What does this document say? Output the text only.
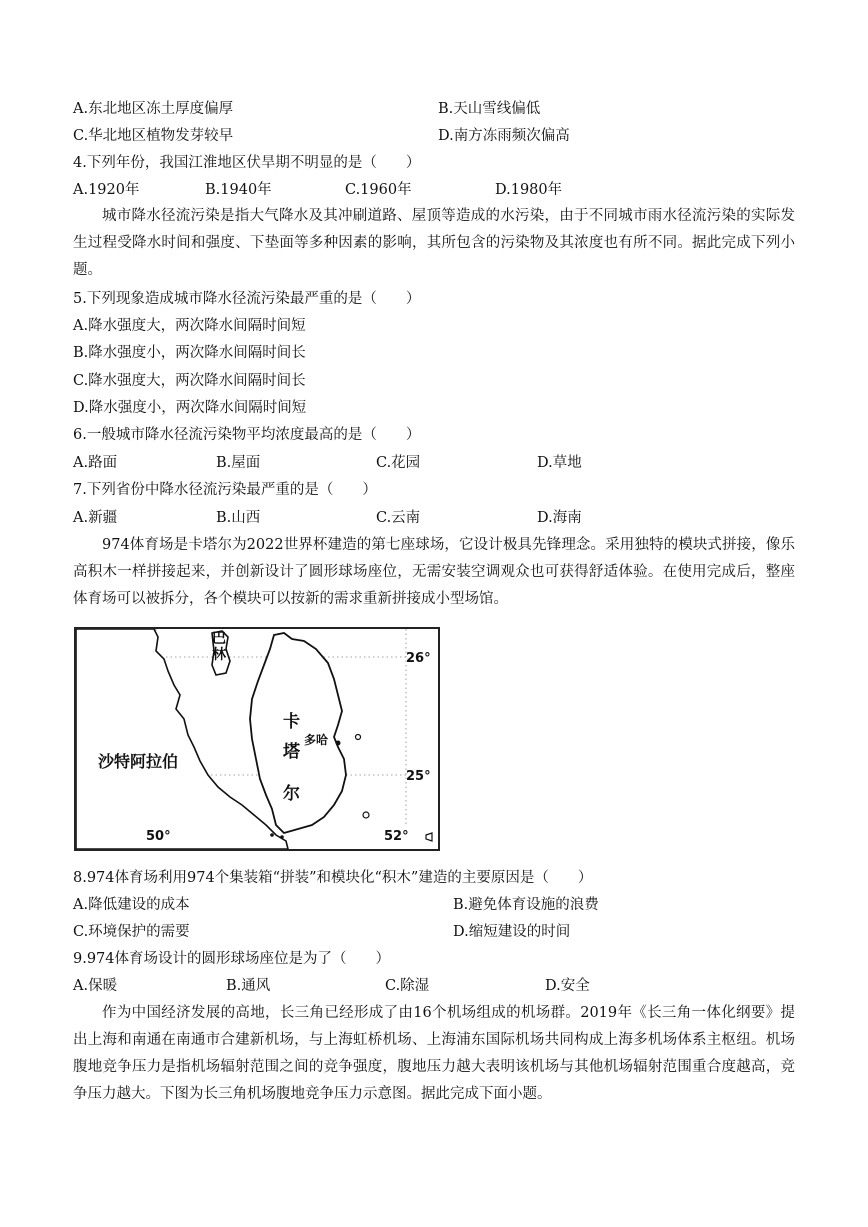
A.东北地区冻土厚度偏厚	B.天山雪线偏低
C.华北地区植物发芽较早	D.南方冻雨频次偏高
4.下列年份，我国江淮地区伏旱期不明显的是（　　）
A.1920年	B.1940年	C.1960年	D.1980年
城市降水径流污染是指大气降水及其冲刷道路、屋顶等造成的水污染，由于不同城市雨水径流污染的实际发生过程受降水时间和强度、下垫面等多种因素的影响，其所包含的污染物及其浓度也有所不同。据此完成下列小题。
5.下列现象造成城市降水径流污染最严重的是（　　）
A.降水强度大，两次降水间隔时间短
B.降水强度小，两次降水间隔时间长
C.降水强度大，两次降水间隔时间长
D.降水强度小，两次降水间隔时间短
6.一般城市降水径流污染物平均浓度最高的是（　　）
A.路面	B.屋面	C.花园	D.草地
7.下列省份中降水径流污染最严重的是（　　）
A.新疆	B.山西	C.云南	D.海南
974体育场是卡塔尔为2022世界杯建造的第七座球场，它设计极具先锋理念。采用独特的模块式拼接，像乐高积木一样拼接起来，并创新设计了圆形球场座位，无需安装空调观众也可获得舒适体验。在使用完成后，整座体育场可以被拆分，各个模块可以按新的需求重新拼接成小型场馆。
巴林
卡
塔
尔
多哈
沙特阿拉伯
26°
25°
50°	52°
8.974体育场利用974个集装箱“拼装”和模块化“积木”建造的主要原因是（　　）
A.降低建设的成本	B.避免体育设施的浪费
C.环境保护的需要	D.缩短建设的时间
9.974体育场设计的圆形球场座位是为了（　　）
A.保暖	B.通风	C.除湿	D.安全
作为中国经济发展的高地，长三角已经形成了由16个机场组成的机场群。2019年《长三角一体化纲要》提出上海和南通在南通市合建新机场，与上海虹桥机场、上海浦东国际机场共同构成上海多机场体系主枢纽。机场腹地竞争压力是指机场辐射范围之间的竞争强度，腹地压力越大表明该机场与其他机场辐射范围重合度越高，竞争压力越大。下图为长三角机场腹地竞争压力示意图。据此完成下面小题。
